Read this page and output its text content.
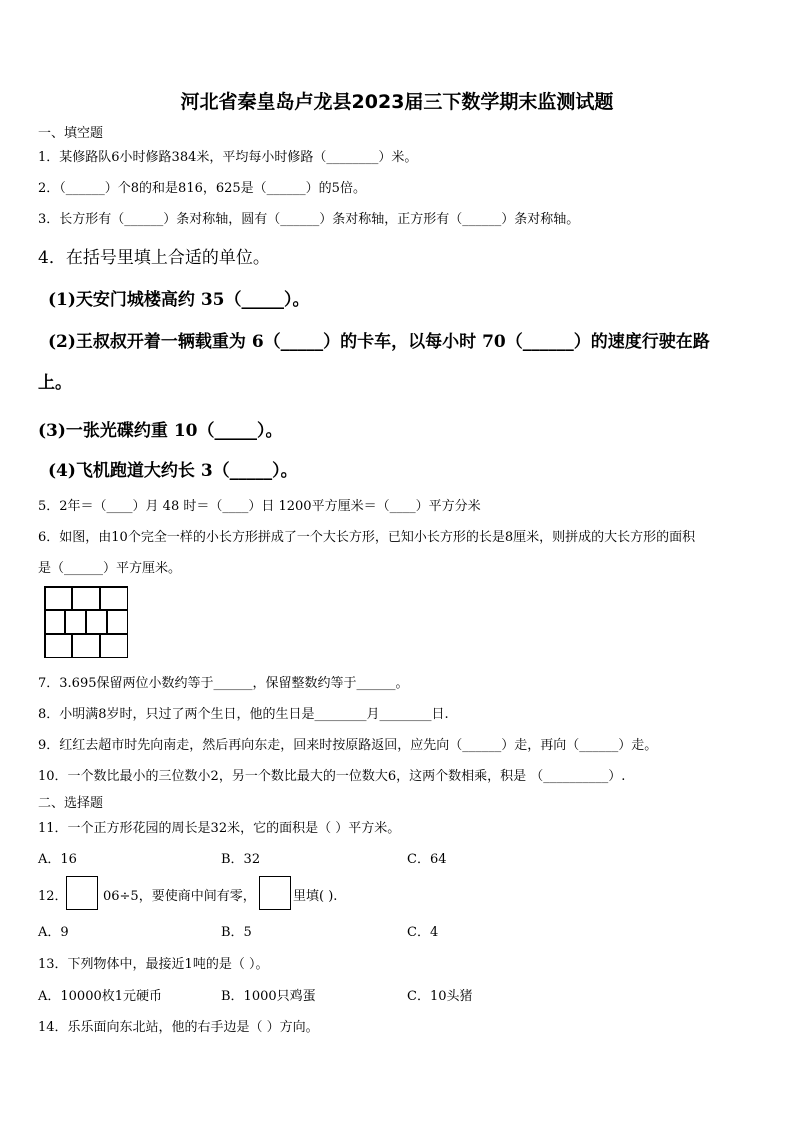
河北省秦皇岛卢龙县2023届三下数学期末监测试题
一、填空题
1．某修路队6小时修路384米，平均每小时修路（________）米。
2．（______）个8的和是816，625是（______）的5倍。
3．长方形有（______）条对称轴，圆有（______）条对称轴，正方形有（______）条对称轴。
4．在括号里填上合适的单位。
(1)天安门城楼高约 35（_____）。
(2)王叔叔开着一辆载重为 6（_____）的卡车，以每小时 70（______）的速度行驶在路
上。
(3)一张光碟约重 10（_____）。
(4)飞机跑道大约长 3（_____）。
5．2年＝（____）月 48 时＝（____）日 1200平方厘米＝（____）平方分米
6．如图，由10个完全一样的小长方形拼成了一个大长方形，已知小长方形的长是8厘米，则拼成的大长方形的面积
是（______）平方厘米。
7．3.695保留两位小数约等于______，保留整数约等于______。
8．小明满8岁时，只过了两个生日，他的生日是________月________日.
9．红红去超市时先向南走，然后再向东走，回来时按原路返回，应先向（______）走，再向（______）走。
10．一个数比最小的三位数小2，另一个数比最大的一位数大6，这两个数相乘，积是 （__________）.
二、选择题
11．一个正方形花园的周长是32米，它的面积是（ ）平方米。
A．16	B．32	C．64
12．	06÷5，要使商中间有零，	里填( ).
A．9	B．5	C．4
13．下列物体中，最接近1吨的是（ ）。
A．10000枚1元硬币	B．1000只鸡蛋	C．10头猪
14．乐乐面向东北站，他的右手边是（ ）方向。
